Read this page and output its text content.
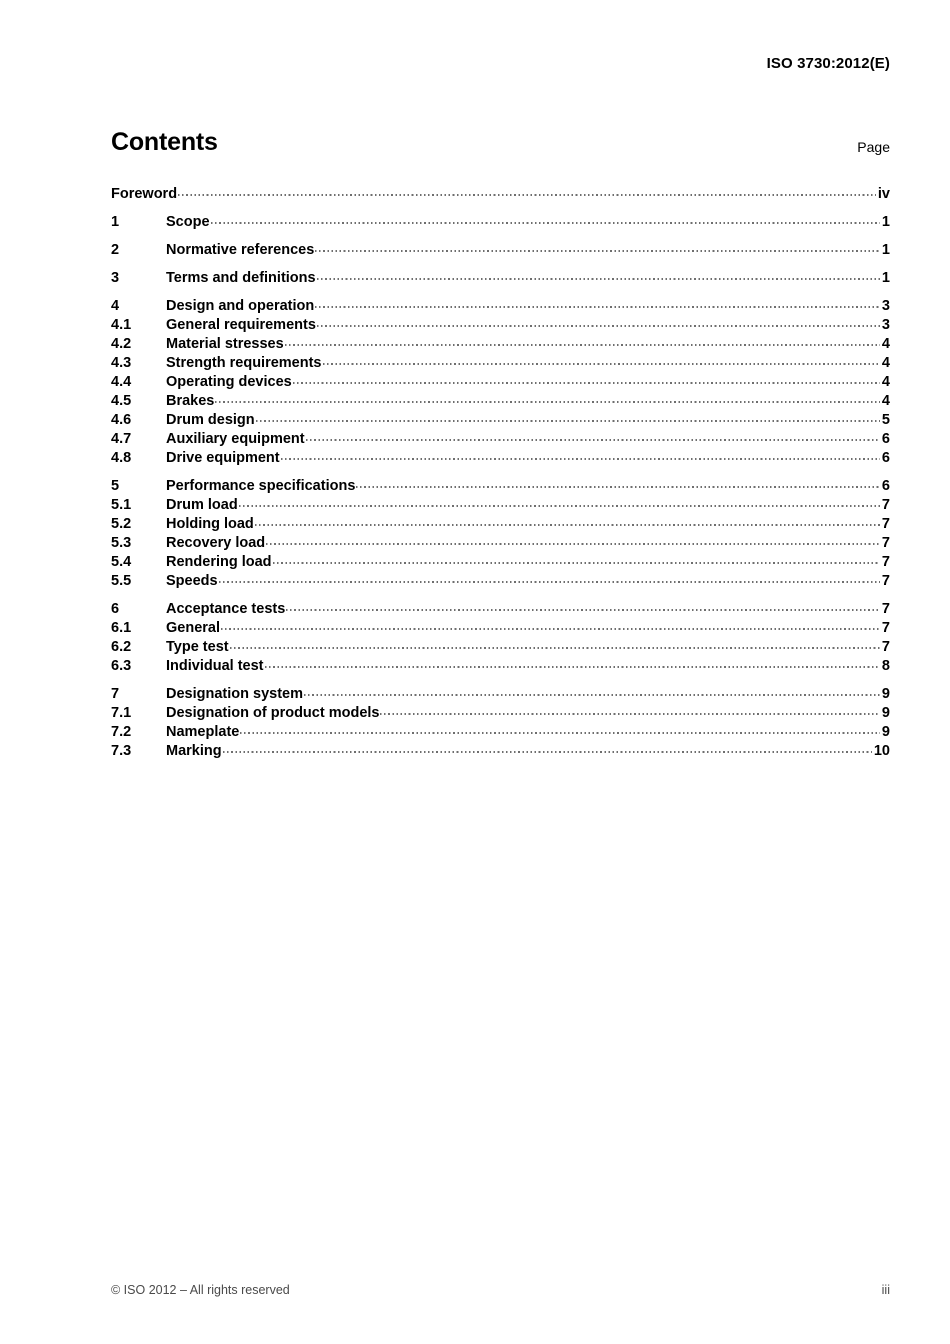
ISO 3730:2012(E)
Contents	Page
Foreword	iv
1	Scope	1
2	Normative references	1
3	Terms and definitions	1
4	Design and operation	3
4.1	General requirements	3
4.2	Material stresses	4
4.3	Strength requirements	4
4.4	Operating devices	4
4.5	Brakes	4
4.6	Drum design	5
4.7	Auxiliary equipment	6
4.8	Drive equipment	6
5	Performance specifications	6
5.1	Drum load	7
5.2	Holding load	7
5.3	Recovery load	7
5.4	Rendering load	7
5.5	Speeds	7
6	Acceptance tests	7
6.1	General	7
6.2	Type test	7
6.3	Individual test	8
7	Designation system	9
7.1	Designation of product models	9
7.2	Nameplate	9
7.3	Marking	10
© ISO 2012 – All rights reserved	iii
